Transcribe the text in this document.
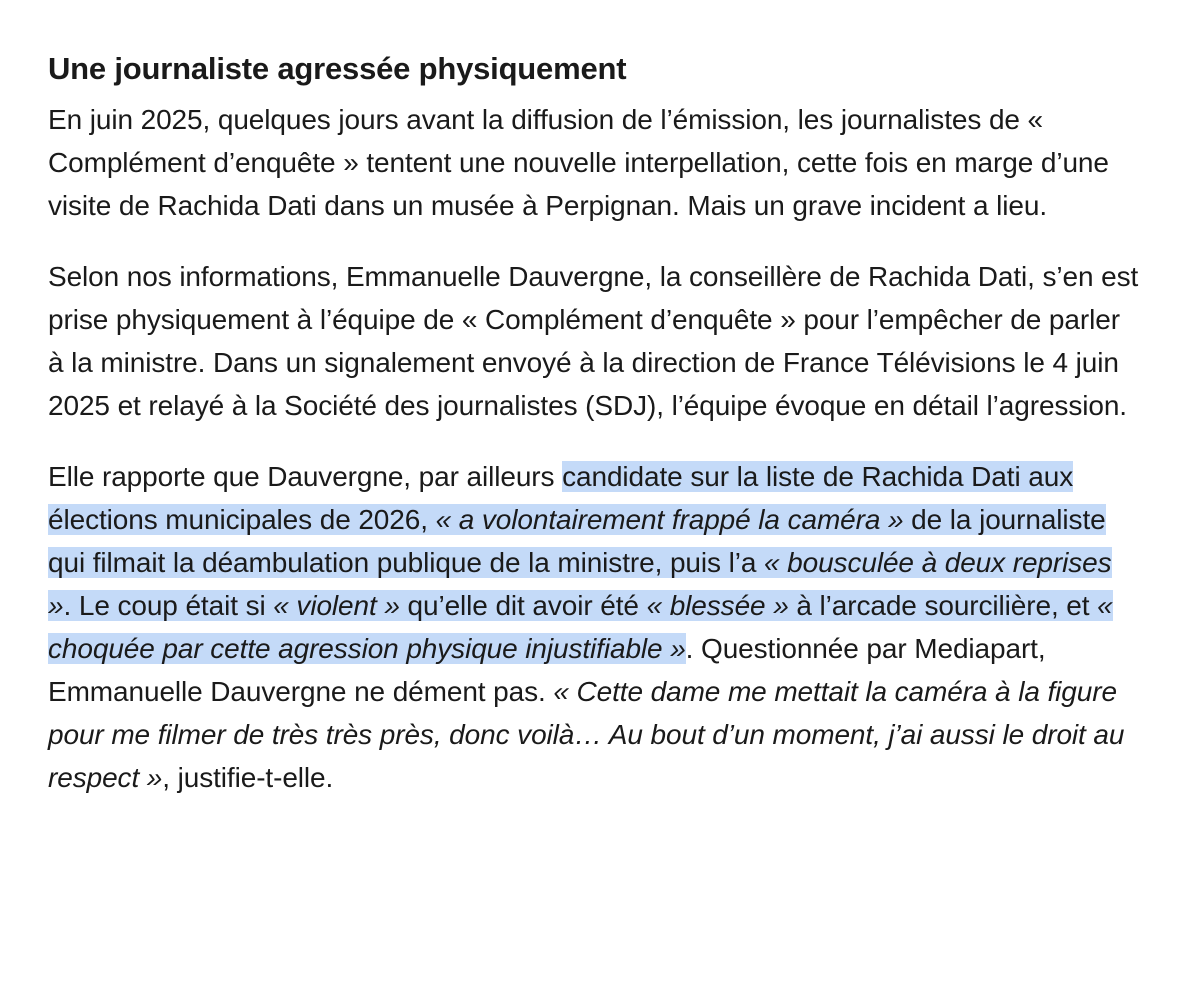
Une journaliste agressée physiquement

En juin 2025, quelques jours avant la diffusion de l’émission, les journalistes de « Complément d’enquête » tentent une nouvelle interpellation, cette fois en marge d’une visite de Rachida Dati dans un musée à Perpignan. Mais un grave incident a lieu.

Selon nos informations, Emmanuelle Dauvergne, la conseillère de Rachida Dati, s’en est prise physiquement à l’équipe de « Complément d’enquête » pour l’empêcher de parler à la ministre. Dans un signalement envoyé à la direction de France Télévisions le 4 juin 2025 et relayé à la Société des journalistes (SDJ), l’équipe évoque en détail l’agression.

Elle rapporte que Dauvergne, par ailleurs candidate sur la liste de Rachida Dati aux élections municipales de 2026, « a volontairement frappé la caméra » de la journaliste qui filmait la déambulation publique de la ministre, puis l’a « bousculée à deux reprises ». Le coup était si « violent » qu’elle dit avoir été « blessée » à l’arcade sourcilière, et « choquée par cette agression physique injustifiable ». Questionnée par Mediapart, Emmanuelle Dauvergne ne dément pas. « Cette dame me mettait la caméra à la figure pour me filmer de très très près, donc voilà… Au bout d’un moment, j’ai aussi le droit au respect », justifie-t-elle.
